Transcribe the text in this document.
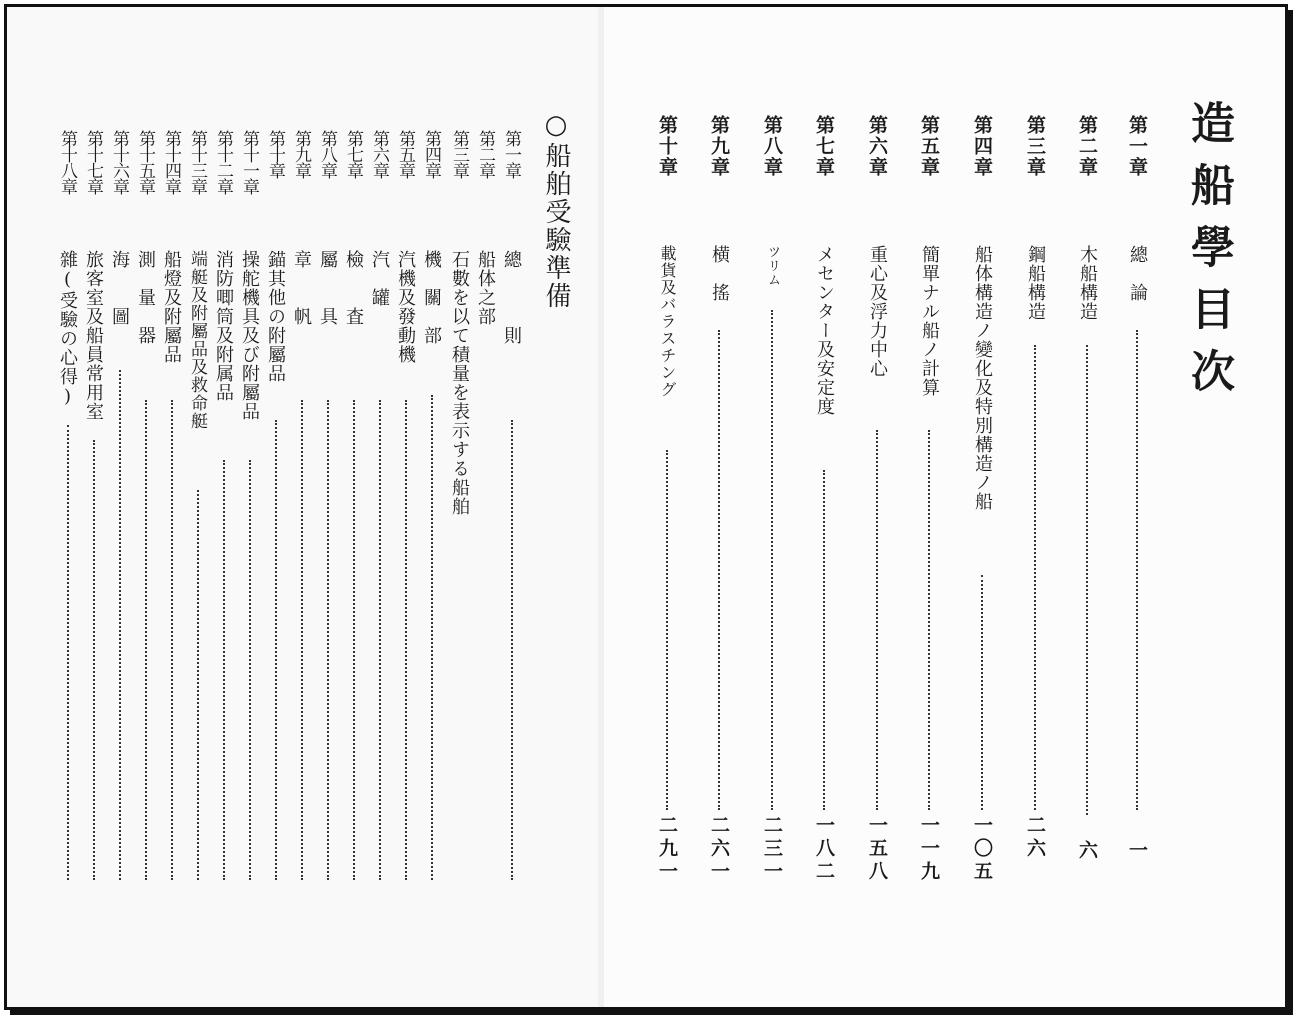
造船學目次
第一章
總　論
一
第二章
木船構造
六
第三章
鋼船構造
二六
第四章
船体構造ノ變化及特別構造ノ船
一〇五
第五章
簡單ナル船ノ計算
一一九
第六章
重心及浮力中心
一五八
第七章
メセンター及安定度
一八二
第八章
ツリム
二三一
第九章
横　搖
二六一
第十章
載貨及バラスチング
二九一
○船舶受驗準備
第一章
總　　　則
第二章
船体之部
第三章
石數を以て積量を表示する船舶
第四章
機　關　部
第五章
汽機及發動機
第六章
汽　罐
第七章
檢　　査
第八章
屬　　具
第九章
章　　帆
第十章
錨其他の附屬品
第十一章
操舵機具及び附屬品
第十二章
消防唧筒及附属品
第十三章
端艇及附屬品及救命艇
第十四章
船燈及附屬品
第十五章
測　量　器
第十六章
海　　圖
第十七章
旅客室及船員常用室
第十八章
雜(受驗の心得)
